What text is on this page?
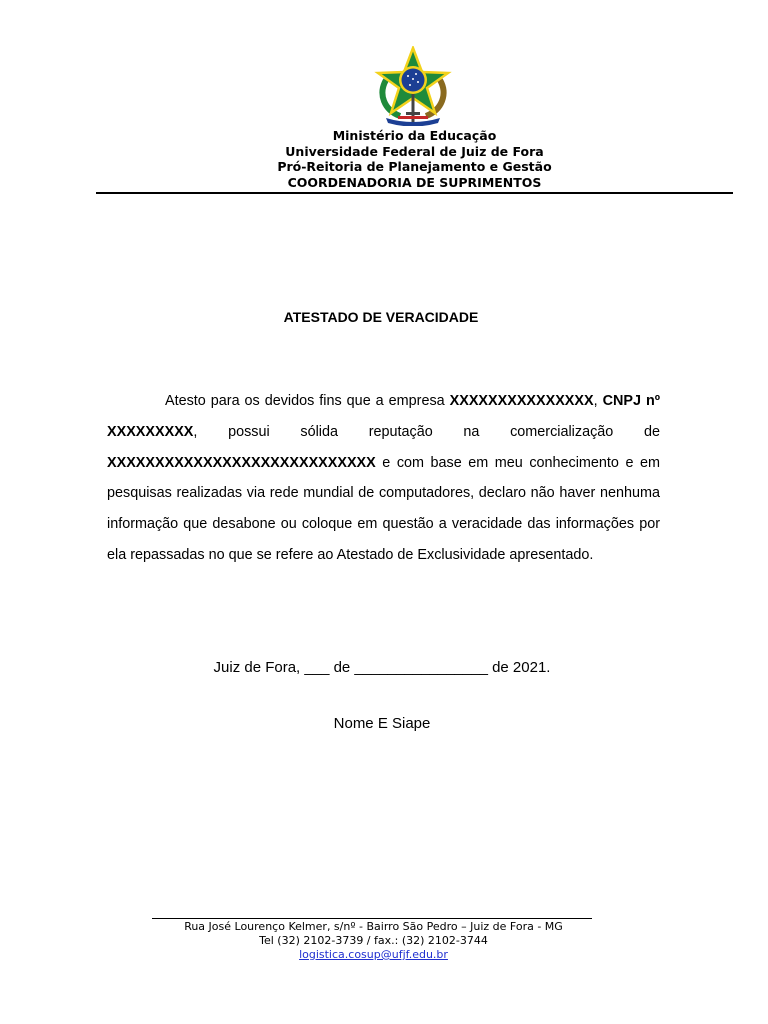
Ministério da Educação
Universidade Federal de Juiz de Fora
Pró-Reitoria de Planejamento e Gestão
COORDENADORIA DE SUPRIMENTOS
ATESTADO DE VERACIDADE

Atesto para os devidos fins que a empresa XXXXXXXXXXXXXXX, CNPJ nº XXXXXXXXX, possui sólida reputação na comercialização de XXXXXXXXXXXXXXXXXXXXXXXXXXXX e com base em meu conhecimento e em pesquisas realizadas via rede mundial de computadores, declaro não haver nenhuma informação que desabone ou coloque em questão a veracidade das informações por ela repassadas no que se refere ao Atestado de Exclusividade apresentado.

Juiz de Fora, ___ de ________________ de 2021.
Nome E Siape
Rua José Lourenço Kelmer, s/nº - Bairro São Pedro – Juiz de Fora - MG
Tel (32) 2102-3739 / fax.: (32) 2102-3744
logistica.cosup@ufjf.edu.br
